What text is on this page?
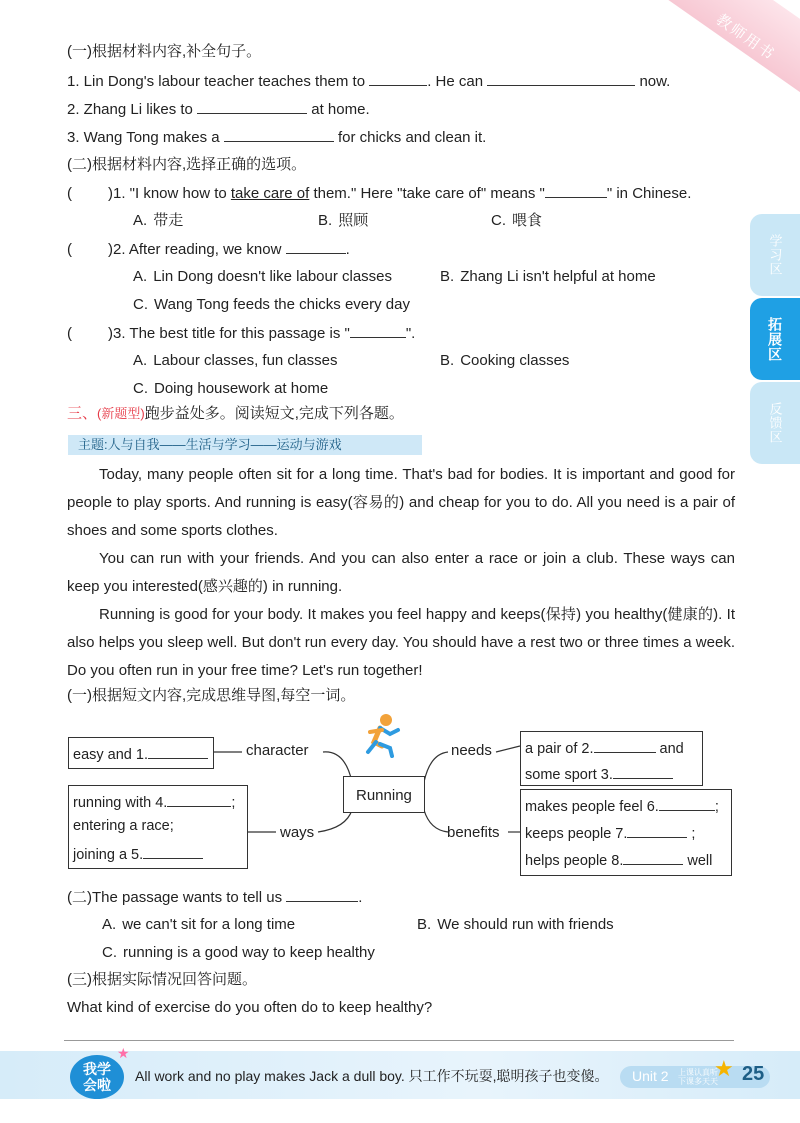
教师用书
学习区
拓展区
反馈区
(一)根据材料内容,补全句子。
1. Lin Dong's labour teacher teaches them to	. He can	now.
2. Zhang Li likes to	at home.
3. Wang Tong makes a	for chicks and clean it.
(二)根据材料内容,选择正确的选项。
( )1. "I know how to take care of them." Here "take care of" means "	" in Chinese.
A. 带走	B. 照顾	C. 喂食
( )2. After reading, we know	.
A. Lin Dong doesn't like labour classes	B. Zhang Li isn't helpful at home
C. Wang Tong feeds the chicks every day
( )3. The best title for this passage is "	".
A. Labour classes, fun classes	B. Cooking classes
C. Doing housework at home
三、(新题型)跑步益处多。阅读短文,完成下列各题。
主题:人与自我——生活与学习——运动与游戏
Today, many people often sit for a long time. That's bad for bodies. It is important and good for people to play sports. And running is easy(容易的) and cheap for you to do. All you need is a pair of shoes and some sports clothes.
You can run with your friends. And you can also enter a race or join a club. These ways can keep you interested(感兴趣的) in running.
Running is good for your body. It makes you feel happy and keeps(保持) you healthy(健康的). It also helps you sleep well. But don't run every day. You should have a rest two or three times a week. Do you often run in your free time? Let's run together!
(一)根据短文内容,完成思维导图,每空一词。
easy and 1.	character
Running
needs a pair of 2.	and
some sport 3.
running with 4.	;
entering a race;
joining a 5.
ways	benefits
makes people feel 6.	;
keeps people 7.	;
helps people 8.	well
(二)The passage wants to tell us	.
A. we can't sit for a long time	B. We should run with friends
C. running is a good way to keep healthy
(三)根据实际情况回答问题。
What kind of exercise do you often do to keep healthy?
我学
会啦
★
All work and no play makes Jack a dull boy. 只工作不玩耍,聪明孩子也变傻。 Unit 2 上课认真听
下课多天天
★ 25
